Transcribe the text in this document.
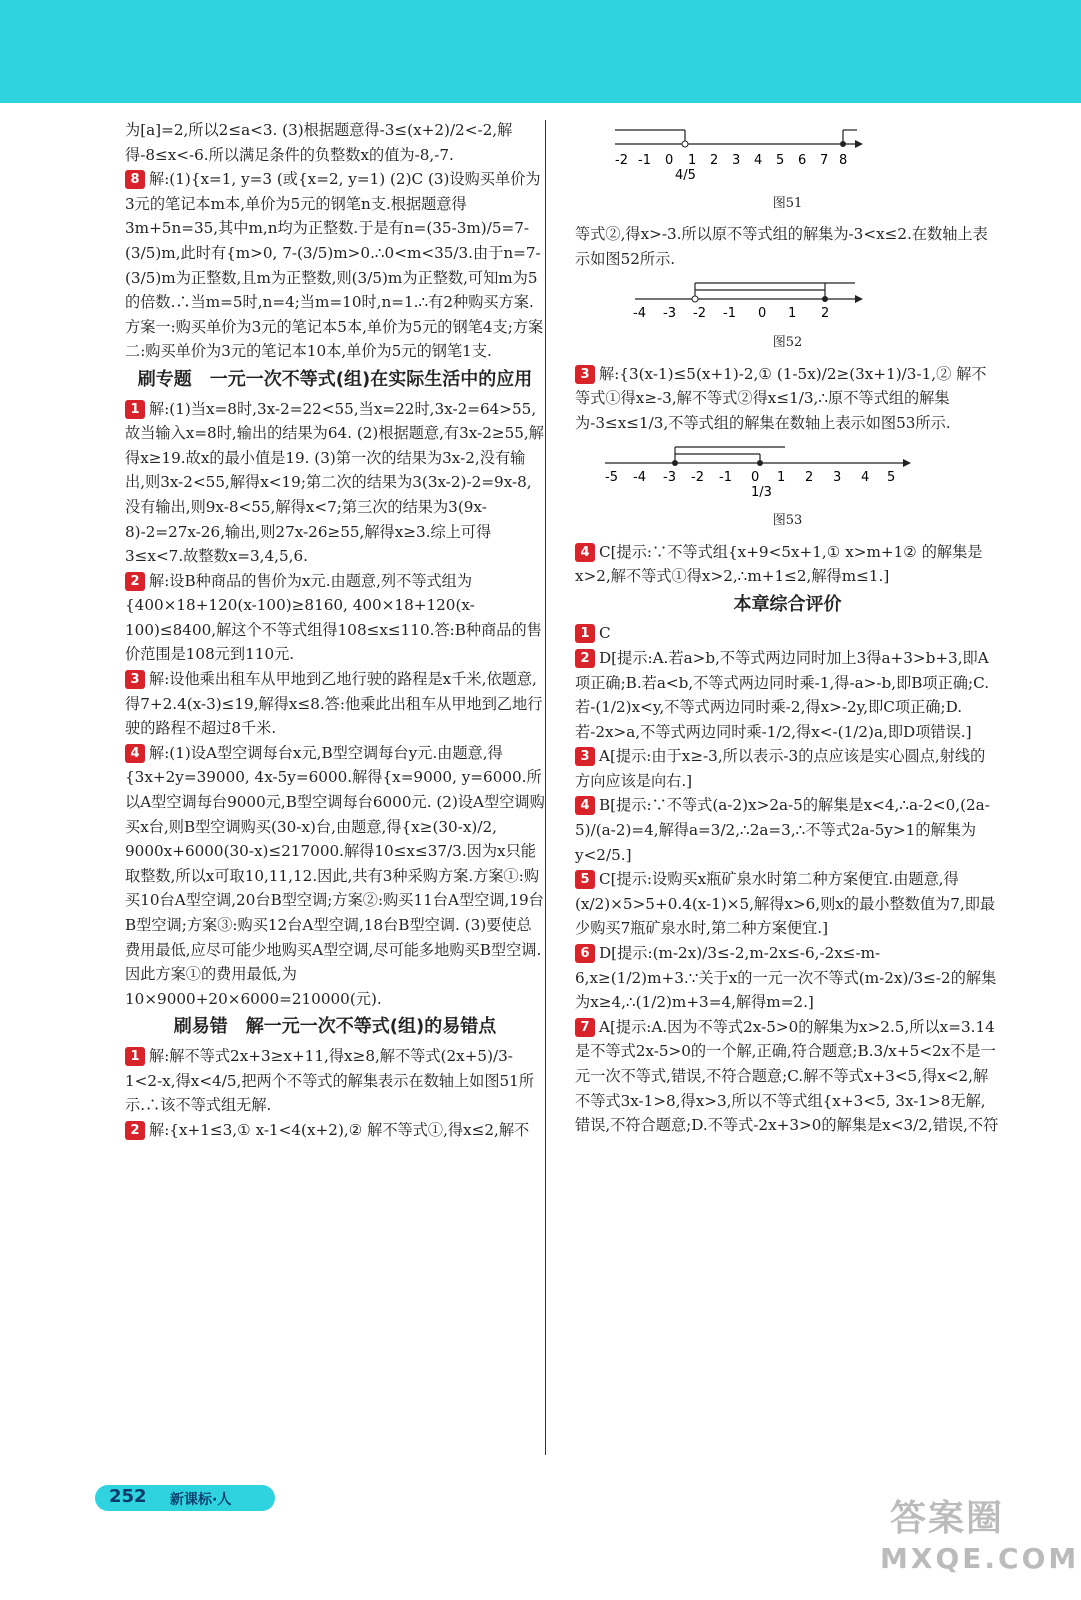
为[a]=2,所以2≤a<3. (3)根据题意得-3≤(x+2)/2<-2,解得-8≤x<-6.所以满足条件的负整数x的值为-8,-7.

8 解:(1){x=1, y=3 (或{x=2, y=1) (2)C (3)设购买单价为3元的笔记本m本,单价为5元的钢笔n支.根据题意得3m+5n=35,其中m,n均为正整数.于是有n=(35-3m)/5=7-(3/5)m,此时有{m>0, 7-(3/5)m>0.∴0<m<35/3.由于n=7-(3/5)m为正整数,且m为正整数,则(3/5)m为正整数,可知m为5的倍数.∴当m=5时,n=4;当m=10时,n=1.∴有2种购买方案.方案一:购买单价为3元的笔记本5本,单价为5元的钢笔4支;方案二:购买单价为3元的笔记本10本,单价为5元的钢笔1支.

刷专题　一元一次不等式(组)在实际生活中的应用

1 解:(1)当x=8时,3x-2=22<55,当x=22时,3x-2=64>55,故当输入x=8时,输出的结果为64. (2)根据题意,有3x-2≥55,解得x≥19.故x的最小值是19. (3)第一次的结果为3x-2,没有输出,则3x-2<55,解得x<19;第二次的结果为3(3x-2)-2=9x-8,没有输出,则9x-8<55,解得x<7;第三次的结果为3(9x-8)-2=27x-26,输出,则27x-26≥55,解得x≥3.综上可得3≤x<7.故整数x=3,4,5,6.

2 解:设B种商品的售价为x元.由题意,列不等式组为{400×18+120(x-100)≥8160, 400×18+120(x-100)≤8400,解这个不等式组得108≤x≤110.答:B种商品的售价范围是108元到110元.

3 解:设他乘出租车从甲地到乙地行驶的路程是x千米,依题意,得7+2.4(x-3)≤19,解得x≤8.答:他乘此出租车从甲地到乙地行驶的路程不超过8千米.

4 解:(1)设A型空调每台x元,B型空调每台y元.由题意,得{3x+2y=39000, 4x-5y=6000.解得{x=9000, y=6000.所以A型空调每台9000元,B型空调每台6000元. (2)设A型空调购买x台,则B型空调购买(30-x)台,由题意,得{x≥(30-x)/2, 9000x+6000(30-x)≤217000.解得10≤x≤37/3.因为x只能取整数,所以x可取10,11,12.因此,共有3种采购方案.方案①:购买10台A型空调,20台B型空调;方案②:购买11台A型空调,19台B型空调;方案③:购买12台A型空调,18台B型空调. (3)要使总费用最低,应尽可能少地购买A型空调,尽可能多地购买B型空调.因此方案①的费用最低,为10×9000+20×6000=210000(元).

刷易错　解一元一次不等式(组)的易错点

1 解:解不等式2x+3≥x+11,得x≥8,解不等式(2x+5)/3-1<2-x,得x<4/5,把两个不等式的解集表示在数轴上如图51所示.∴该不等式组无解.

2 解:{x+1≤3,① x-1<4(x+2),② 解不等式①,得x≤2,解不

-2 -1 0 1 2 3 4 5 6 7 8
4/5
图51

等式②,得x>-3.所以原不等式组的解集为-3<x≤2.在数轴上表示如图52所示.

-4 -3 -2 -1 0 1 2
图52

3 解:{3(x-1)≤5(x+1)-2,① (1-5x)/2≥(3x+1)/3-1,② 解不等式①得x≥-3,解不等式②得x≤1/3,∴原不等式组的解集为-3≤x≤1/3,不等式组的解集在数轴上表示如图53所示.

-5 -4 -3 -2 -1 0 1 2 3 4 5
1/3
图53

4 C[提示:∵不等式组{x+9<5x+1,① x>m+1② 的解集是x>2,解不等式①得x>2,∴m+1≤2,解得m≤1.]

本章综合评价

1 C

2 D[提示:A.若a>b,不等式两边同时加上3得a+3>b+3,即A项正确;B.若a<b,不等式两边同时乘-1,得-a>-b,即B项正确;C.若-(1/2)x<y,不等式两边同时乘-2,得x>-2y,即C项正确;D.若-2x>a,不等式两边同时乘-1/2,得x<-(1/2)a,即D项错误.]

3 A[提示:由于x≥-3,所以表示-3的点应该是实心圆点,射线的方向应该是向右.]

4 B[提示:∵不等式(a-2)x>2a-5的解集是x<4,∴a-2<0,(2a-5)/(a-2)=4,解得a=3/2,∴2a=3,∴不等式2a-5y>1的解集为y<2/5.]

5 C[提示:设购买x瓶矿泉水时第二种方案便宜.由题意,得(x/2)×5>5+0.4(x-1)×5,解得x>6,则x的最小整数值为7,即最少购买7瓶矿泉水时,第二种方案便宜.]

6 D[提示:(m-2x)/3≤-2,m-2x≤-6,-2x≤-m-6,x≥(1/2)m+3.∵关于x的一元一次不等式(m-2x)/3≤-2的解集为x≥4,∴(1/2)m+3=4,解得m=2.]

7 A[提示:A.因为不等式2x-5>0的解集为x>2.5,所以x=3.14是不等式2x-5>0的一个解,正确,符合题意;B.3/x+5<2x不是一元一次不等式,错误,不符合题意;C.解不等式x+3<5,得x<2,解不等式3x-1>8,得x>3,所以不等式组{x+3<5, 3x-1>8无解,错误,不符合题意;D.不等式-2x+3>0的解集是x<3/2,错误,不符

252 新课标·人	答案圈
MXQE.COM
